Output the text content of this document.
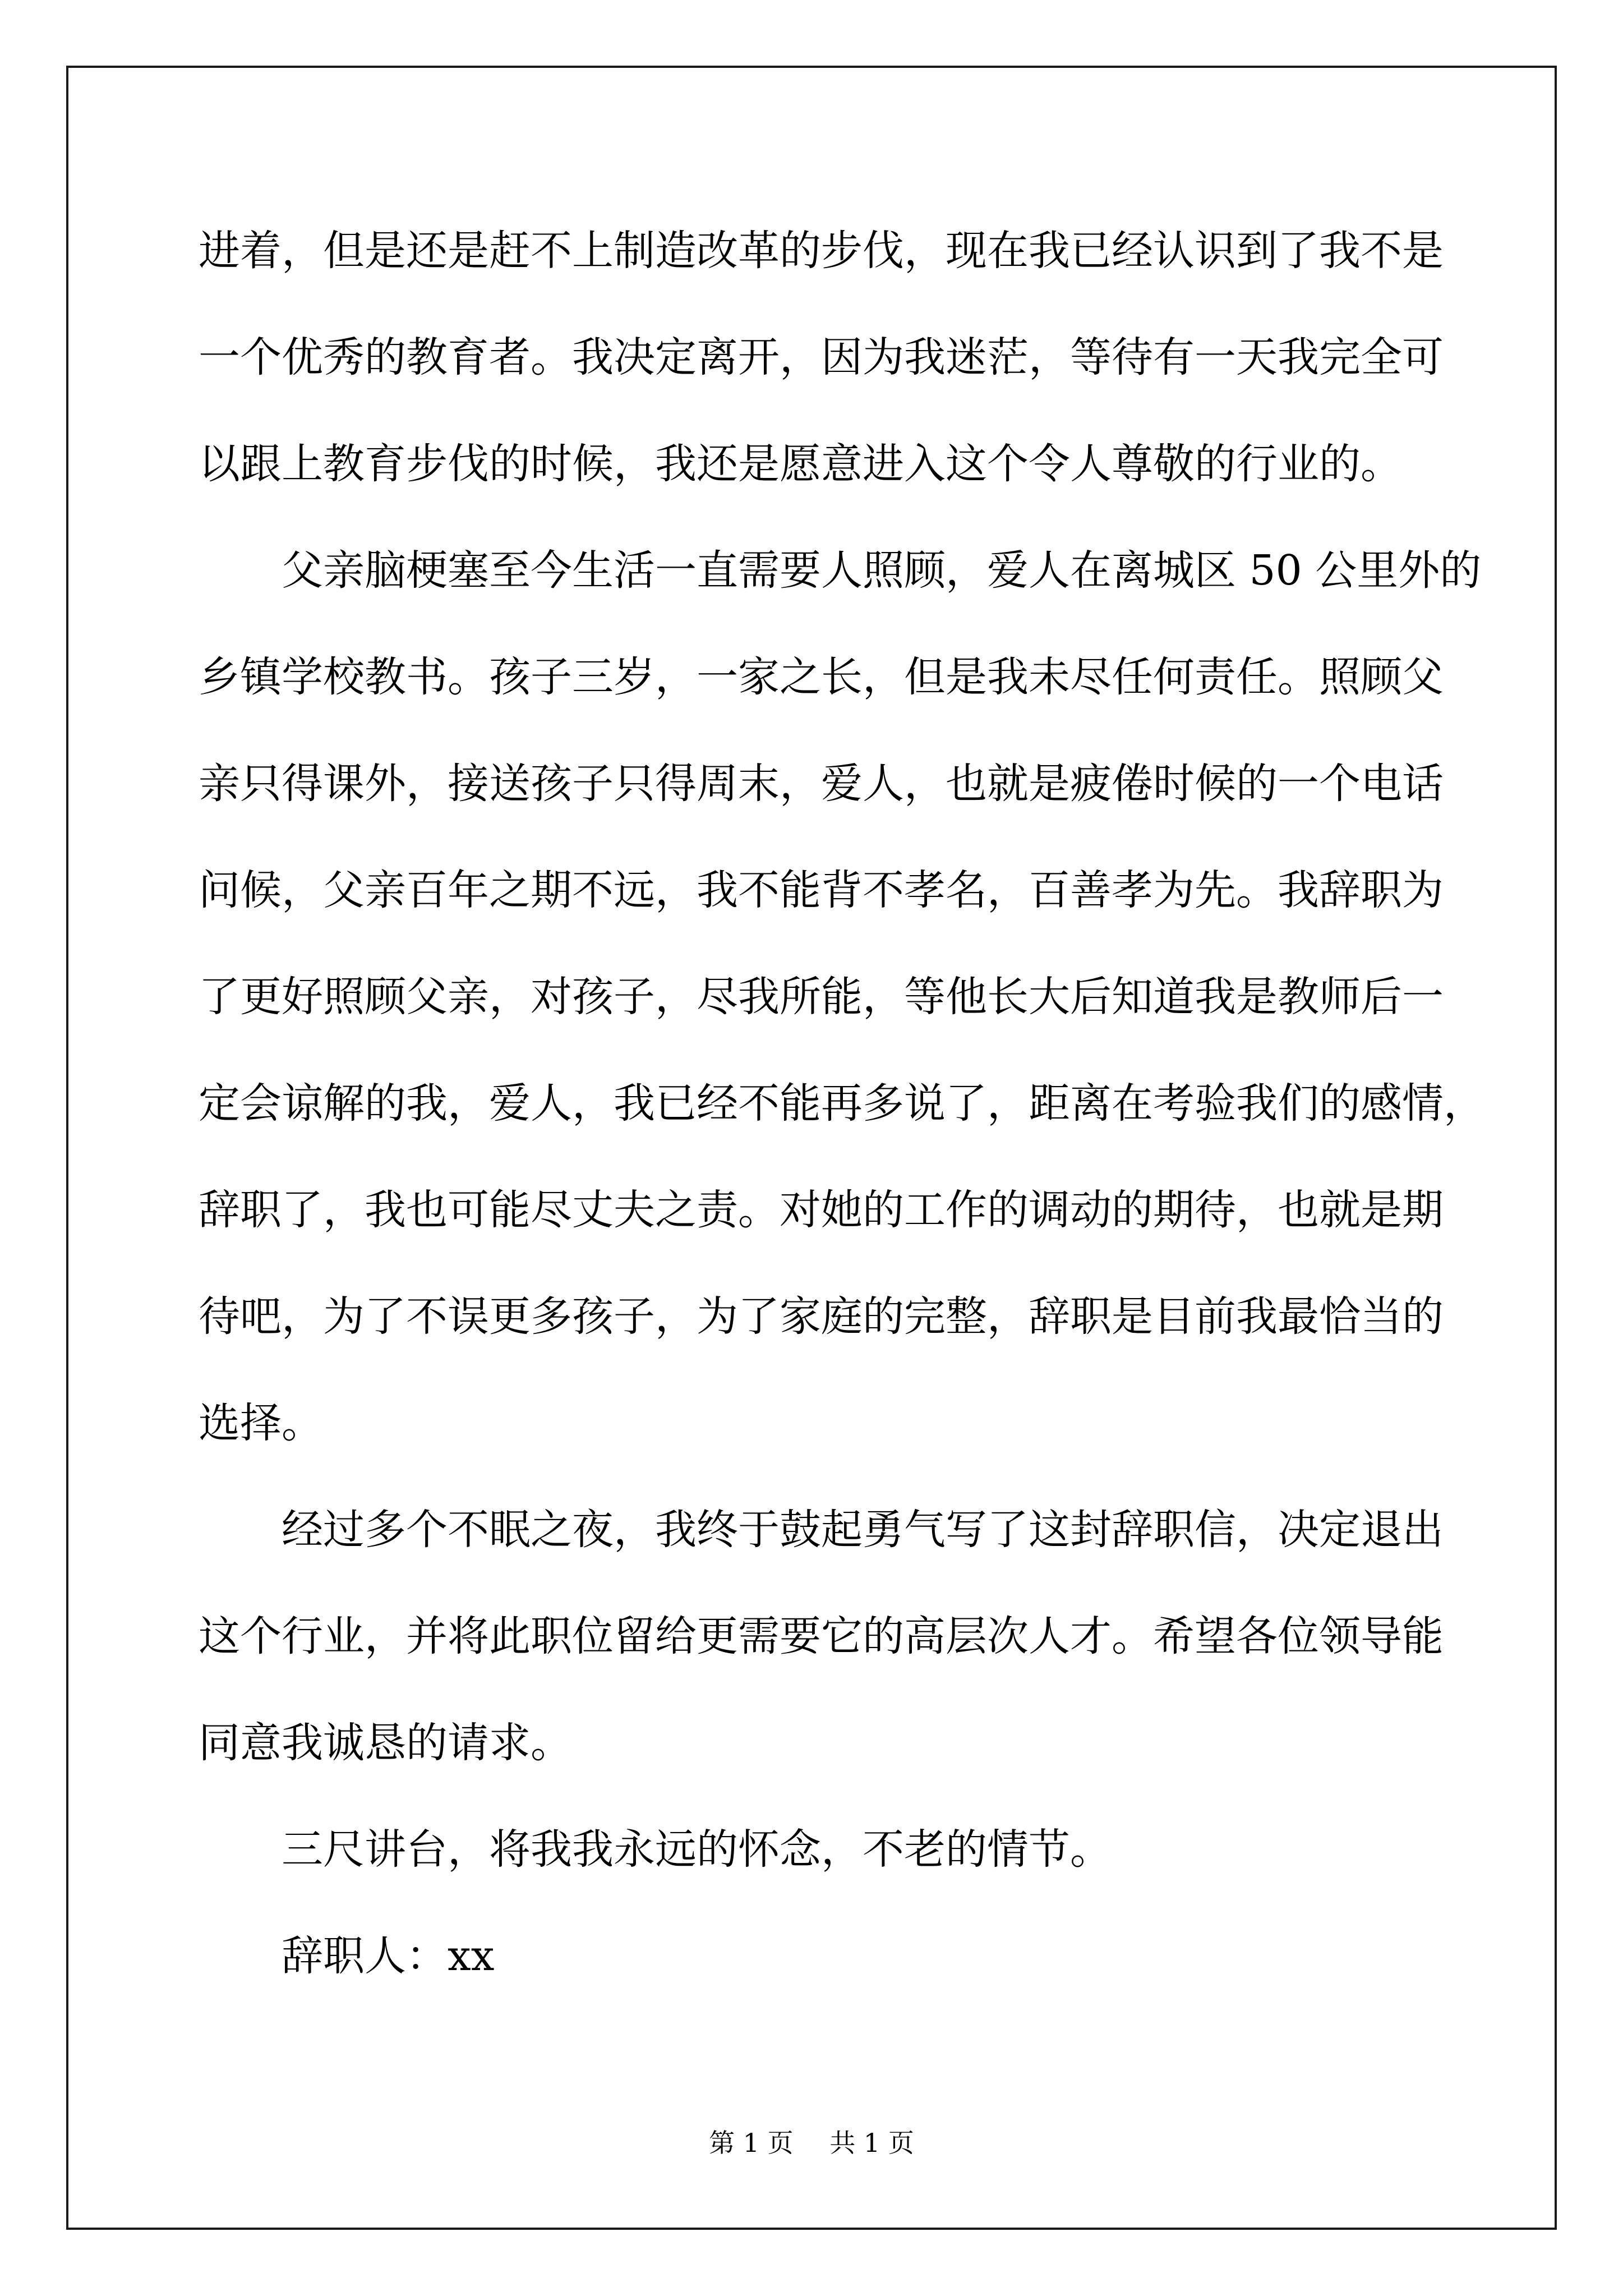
进着，但是还是赶不上制造改革的步伐，现在我已经认识到了我不是

一个优秀的教育者。我决定离开，因为我迷茫，等待有一天我完全可

以跟上教育步伐的时候，我还是愿意进入这个令人尊敬的行业的。

父亲脑梗塞至今生活一直需要人照顾，爱人在离城区 50 公里外的

乡镇学校教书。孩子三岁，一家之长，但是我未尽任何责任。照顾父

亲只得课外，接送孩子只得周末，爱人，也就是疲倦时候的一个电话

问候，父亲百年之期不远，我不能背不孝名，百善孝为先。我辞职为

了更好照顾父亲，对孩子，尽我所能，等他长大后知道我是教师后一

定会谅解的我，爱人，我已经不能再多说了，距离在考验我们的感情，

辞职了，我也可能尽丈夫之责。对她的工作的调动的期待，也就是期

待吧，为了不误更多孩子，为了家庭的完整，辞职是目前我最恰当的

选择。

经过多个不眠之夜，我终于鼓起勇气写了这封辞职信，决定退出

这个行业，并将此职位留给更需要它的高层次人才。希望各位领导能

同意我诚恳的请求。

三尺讲台，将我我永远的怀念，不老的情节。

辞职人：xx

第 1 页 共 1 页
